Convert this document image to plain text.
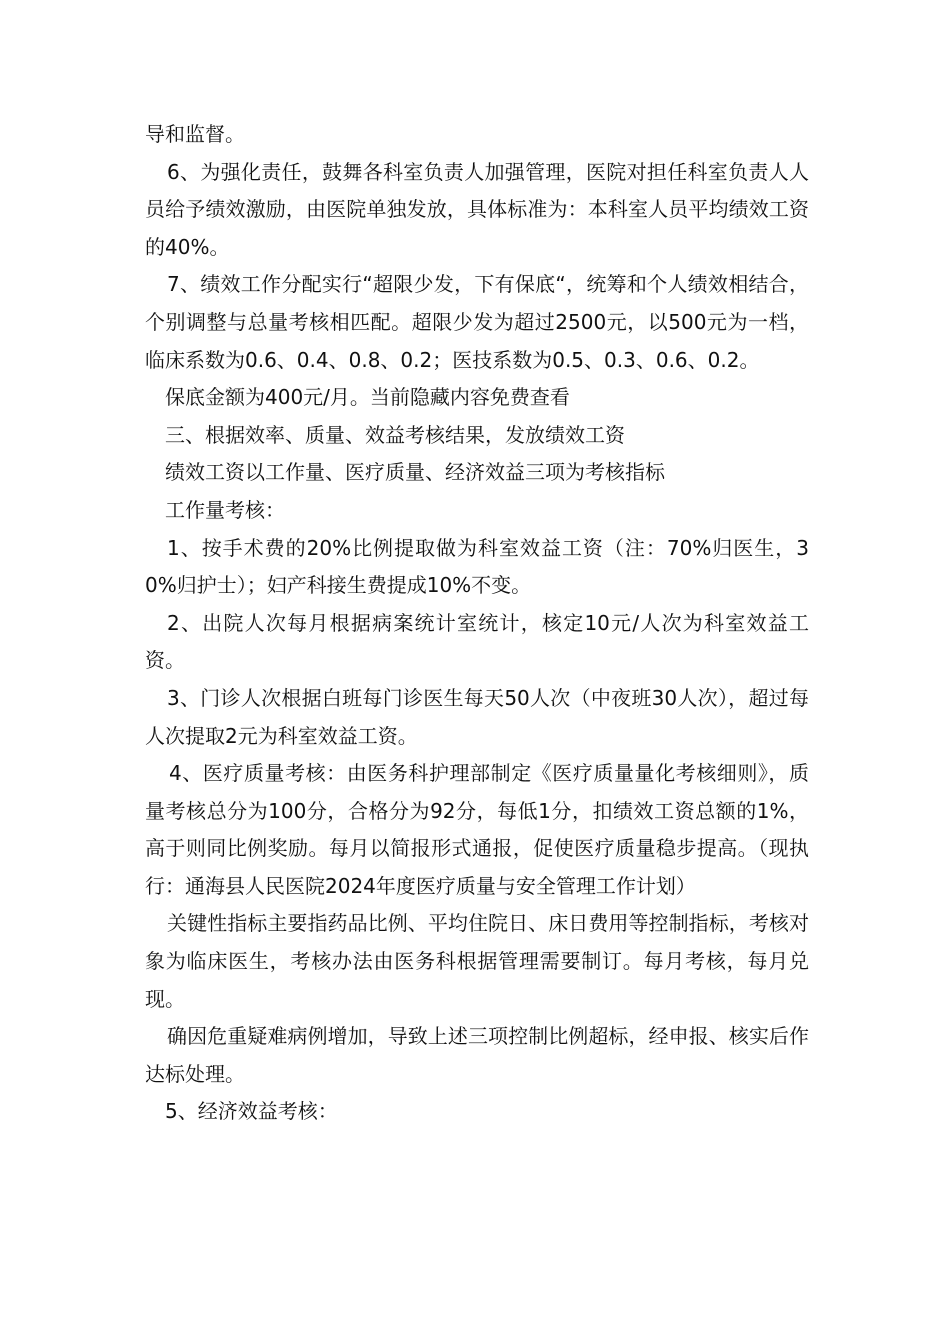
导和监督。

6、为强化责任，鼓舞各科室负责人加强管理，医院对担任科室负责人人员给予绩效激励，由医院单独发放，具体标准为：本科室人员平均绩效工资的40%。

7、绩效工作分配实行“超限少发，下有保底“，统筹和个人绩效相结合，个别调整与总量考核相匹配。超限少发为超过2500元，以500元为一档，临床系数为0.6、0.4、0.8、0.2；医技系数为0.5、0.3、0.6、0.2。

保底金额为400元/月。当前隐藏内容免费查看

三、根据效率、质量、效益考核结果，发放绩效工资

绩效工资以工作量、医疗质量、经济效益三项为考核指标

工作量考核：

1、按手术费的20%比例提取做为科室效益工资（注：70%归医生，30%归护士）；妇产科接生费提成10%不变。

2、出院人次每月根据病案统计室统计，核定10元/人次为科室效益工资。

3、门诊人次根据白班每门诊医生每天50人次（中夜班30人次），超过每人次提取2元为科室效益工资。

4、医疗质量考核：由医务科护理部制定《医疗质量量化考核细则》，质量考核总分为100分，合格分为92分，每低1分，扣绩效工资总额的1%，高于则同比例奖励。每月以简报形式通报，促使医疗质量稳步提高。（现执行：通海县人民医院2024年度医疗质量与安全管理工作计划）

关键性指标主要指药品比例、平均住院日、床日费用等控制指标，考核对象为临床医生，考核办法由医务科根据管理需要制订。每月考核，每月兑现。

确因危重疑难病例增加，导致上述三项控制比例超标，经申报、核实后作达标处理。

5、经济效益考核：
